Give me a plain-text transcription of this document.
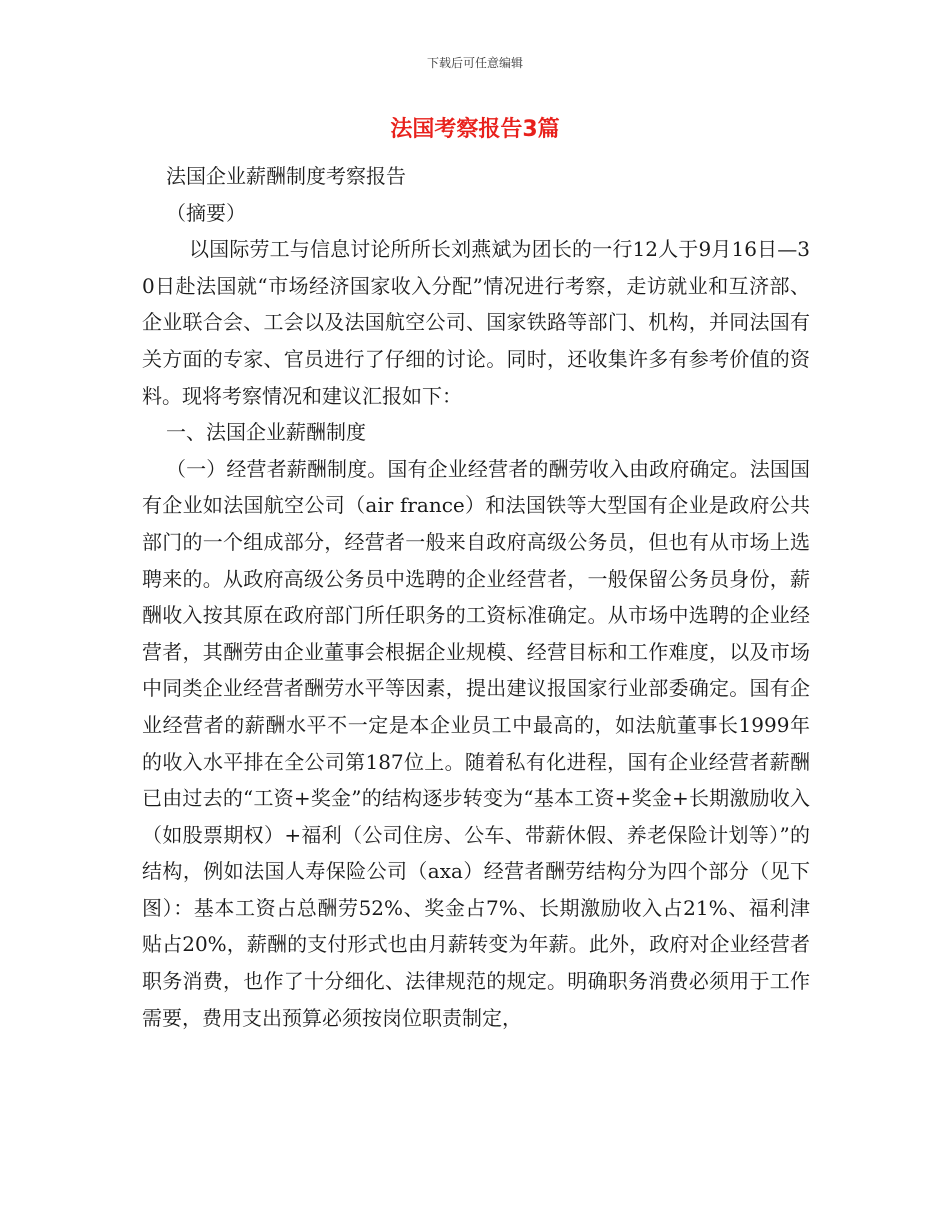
下载后可任意编辑
法国考察报告3篇

法国企业薪酬制度考察报告

（摘要）

以国际劳工与信息讨论所所长刘燕斌为团长的一行12人于9月16日—30日赴法国就“市场经济国家收入分配”情况进行考察，走访就业和互济部、企业联合会、工会以及法国航空公司、国家铁路等部门、机构，并同法国有关方面的专家、官员进行了仔细的讨论。同时，还收集许多有参考价值的资料。现将考察情况和建议汇报如下：

一、法国企业薪酬制度

（一）经营者薪酬制度。国有企业经营者的酬劳收入由政府确定。法国国有企业如法国航空公司（air france）和法国铁等大型国有企业是政府公共部门的一个组成部分，经营者一般来自政府高级公务员，但也有从市场上选聘来的。从政府高级公务员中选聘的企业经营者，一般保留公务员身份，薪酬收入按其原在政府部门所任职务的工资标准确定。从市场中选聘的企业经营者，其酬劳由企业董事会根据企业规模、经营目标和工作难度，以及市场中同类企业经营者酬劳水平等因素，提出建议报国家行业部委确定。国有企业经营者的薪酬水平不一定是本企业员工中最高的，如法航董事长1999年的收入水平排在全公司第187位上。随着私有化进程，国有企业经营者薪酬已由过去的“工资+奖金”的结构逐步转变为“基本工资+奖金+长期激励收入（如股票期权）+福利（公司住房、公车、带薪休假、养老保险计划等）”的结构，例如法国人寿保险公司（axa）经营者酬劳结构分为四个部分（见下图）：基本工资占总酬劳52%、奖金占7%、长期激励收入占21%、福利津贴占20%，薪酬的支付形式也由月薪转变为年薪。此外，政府对企业经营者职务消费，也作了十分细化、法律规范的规定。明确职务消费必须用于工作需要，费用支出预算必须按岗位职责制定，
